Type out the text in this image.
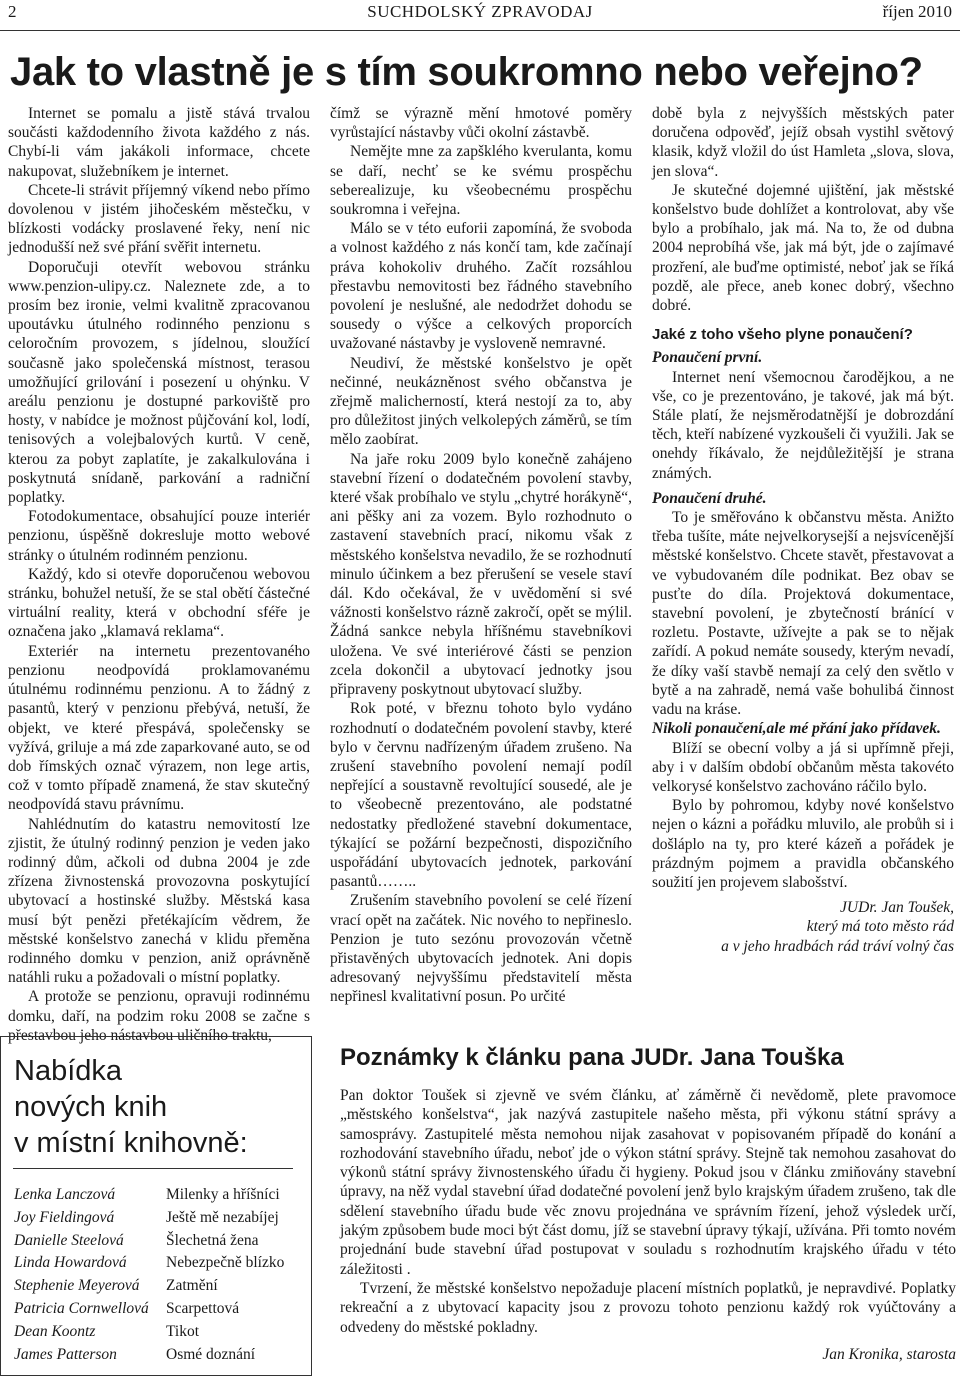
2	SUCHDOLSKÝ ZPRAVODAJ	říjen 2010
Jak to vlastně je s tím soukromno nebo veřejno?

Internet se pomalu a jistě stává trvalou součásti každodenního života každého z nás. Chybí-li vám jakákoli informace, chcete nakupovat, služebníkem je internet.

Chcete-li strávit příjemný víkend nebo přímo dovolenou v jistém jihočeském městečku, v blízkosti vodácky proslavené řeky, není nic jednodušší než své přání svěřit internetu.

Doporučuji otevřít webovou stránku www.penzion-ulipy.cz. Naleznete zde, a to prosím bez ironie, velmi kvalitně zpracovanou upoutávku útulného rodinného penzionu s celoročním provozem, s jídelnou, sloužící současně jako společenská místnost, terasou umožňující grilování i posezení u ohýnku. V areálu penzionu je dostupné parkoviště pro hosty, v nabídce je možnost půjčování kol, lodí, tenisových a volejbalových kurtů. V ceně, kterou za pobyt zaplatíte, je zakalkulována i poskytnutá snídaně, parkování a radniční poplatky.

Fotodokumentace, obsahující pouze interiér penzionu, úspěšně dokresluje motto webové stránky o útulném rodinném penzionu.

Každý, kdo si otevře doporučenou webovou stránku, bohužel netuší, že se stal obětí částečné virtuální reality, která v obchodní sféře je označena jako „klamavá reklama“.

Exteriér na internetu prezentovaného penzionu neodpovídá proklamovanému útulnému rodinnému penzionu. A to žádný z pasantů, který v penzionu přebývá, netuší, že objekt, ve které přespává, společensky se vyžívá, griluje a má zde zaparkované auto, se od dob římských označ výrazem, non lege artis, což v tomto případě znamená, že stav skutečný neodpovídá stavu právnímu.

Nahlédnutím do katastru nemovitostí lze zjistit, že útulný rodinný penzion je veden jako rodinný dům, ačkoli od dubna 2004 je zde zřízena živnostenská provozovna poskytující ubytovací a hostinské služby. Městská kasa musí být penězi přetékajícím vědrem, že městské konšelstvo zanechá v klidu přeměna rodinného domku v penzion, aniž oprávněně natáhli ruku a požadovali o místní poplatky.

A protože se penzionu, opravuji rodinnému domku, daří, na podzim roku 2008 se začne s přestavbou jeho nástavbou uličního traktu,

čímž se výrazně mění hmotové poměry vyrůstající nástavby vůči okolní zástavbě.

Nemějte mne za zapšklého kverulanta, komu se daří, nechť se ke svému prospěchu seberealizuje, ku všeobecnému prospěchu soukromna i veřejna.

Málo se v této euforii zapomíná, že svoboda a volnost každého z nás končí tam, kde začínají práva kohokoliv druhého. Začít rozsáhlou přestavbu nemovitosti bez řádného stavebního povolení je neslušné, ale nedodržet dohodu se sousedy o výšce a celkových proporcích uvažované nástavby je vysloveně nemravné.

Neudiví, že městské konšelstvo je opět nečinné, neukázněnost svého občanstva je zřejmě malicherností, která nestojí za to, aby pro důležitost jiných velkolepých záměrů, se tím mělo zaobírat.

Na jaře roku 2009 bylo konečně zahájeno stavební řízení o dodatečném povolení stavby, které však probíhalo ve stylu „chytré horákyně“, ani pěšky ani za vozem. Bylo rozhodnuto o zastavení stavebních prací, nikomu však z městského konšelstva nevadilo, že se rozhodnutí minulo účinkem a bez přerušení se vesele staví dál. Kdo očekával, že v uvědomění si své vážnosti konšelstvo rázně zakročí, opět se mýlil. Žádná sankce nebyla hříšnému stavebníkovi uložena. Ve své interiérové části se penzion zcela dokončil a ubytovací jednotky jsou připraveny poskytnout ubytovací služby.

Rok poté, v březnu tohoto bylo vydáno rozhodnutí o dodatečném povolení stavby, které bylo v červnu nadřízeným úřadem zrušeno. Na zrušení stavebního povolení nemají podíl nepřející a soustavně revoltující sousedé, ale je to všeobecně prezentováno, ale podstatné nedostatky předložené stavební dokumentace, týkající se požární bezpečnosti, dispozičního uspořádání ubytovacích jednotek, parkování pasantů……..

Zrušením stavebního povolení se celé řízení vrací opět na začátek. Nic nového to nepřineslo. Penzion je tuto sezónu provozován včetně přistavěných ubytovacích jednotek. Ani dopis adresovaný nejvyššímu představitelí města nepřinesl kvalitativní posun. Po určité

době byla z nejvyšších městských pater doručena odpověď, jejíž obsah vystihl světový klasik, když vložil do úst Hamleta „slova, slova, jen slova“.

Je skutečné dojemné ujištění, jak městské konšelstvo bude dohlížet a kontrolovat, aby vše bylo a probíhalo, jak má. Na to, že od dubna 2004 neprobíhá vše, jak má být, jde o zajímavé prozření, ale buďme optimisté, neboť jak se říká pozdě, ale přece, aneb konec dobrý, všechno dobré.

Jaké z toho všeho plyne ponaučení?

Ponaučení první.

Internet není všemocnou čarodějkou, a ne vše, co je prezentováno, je takové, jak má být. Stále platí, že nejsměrodatnější je dobrozdání těch, kteří nabízené vyzkoušeli či využili. Jak se onehdy říkávalo, že nejdůležitější je strana známých.

Ponaučení druhé.

To je směřováno k občanstvu města. Anižto třeba tušíte, máte nejvelkorysejší a nejsvícenější městské konšelstvo. Chcete stavět, přestavovat a ve vybudovaném díle podnikat. Bez obav se pusťte do díla. Projektová dokumentace, stavební povolení, je zbytečností bránící v rozletu. Postavte, užívejte a pak se to nějak zařídí. A pokud nemáte sousedy, kterým nevadí, že díky vaší stavbě nemají za celý den světlo v bytě a na zahradě, nemá vaše bohulibá činnost vadu na kráse.

Nikoli ponaučení,ale mé přání jako přídavek.

Blíží se obecní volby a já si upřímně přeji, aby i v dalším období občanům města takovéto velkorysé konšelstvo zachováno ráčilo bylo.

Bylo by pohromou, kdyby nové konšelstvo nejen o kázni a pořádku mluvilo, ale probůh si i došláplo na ty, pro které kázeň a pořádek je prázdným pojmem a pravidla občanského soužití jen projevem slabošství.

JUDr. Jan Toušek,
který má toto město rád
a v jeho hradbách rád tráví volný čas

Nabídka
nových knih
v místní knihovně:
Lenka Lanczová	Milenky a hříšníci
Joy Fieldingová	Ještě mě nezabíjej
Danielle Steelová	Šlechetná žena
Linda Howardová	Nebezpečně blízko
Stephenie Meyerová	Zatmění
Patricia Cornwellová	Scarpettová
Dean Koontz	Tikot
James Patterson	Osmé doznání
Poznámky k článku pana JUDr. Jana Touška

Pan doktor Toušek si zjevně ve svém článku, ať záměrně či nevědomě, plete pravomoce „městského konšelstva“, jak nazývá zastupitele našeho města, při výkonu státní správy a samosprávy. Zastupitelé města nemohou nijak zasahovat v popisovaném případě do konání a rozhodování stavebního úřadu, neboť jde o výkon státní správy. Stejně tak nemohou zasahovat do výkonů státní správy živnostenského úřadu či hygieny. Pokud jsou v článku zmiňovány stavební úpravy, na něž vydal stavební úřad dodatečné povolení jenž bylo krajským úřadem zrušeno, tak dle sdělení stavebního úřadu bude věc znovu projednána ve správním řízení, jehož výsledek určí, jakým způsobem bude moci být část domu, jíž se stavební úpravy týkají, užívána. Při tomto novém projednání bude stavební úřad postupovat v souladu s rozhodnutím krajského úřadu v této záležitosti .

Tvrzení, že městské konšelstvo nepožaduje placení místních poplatků, je nepravdivé. Poplatky rekreační a z ubytovací kapacity jsou z provozu tohoto penzionu každý rok vyúčtovány a odvedeny do městské pokladny.

Jan Kronika, starosta
